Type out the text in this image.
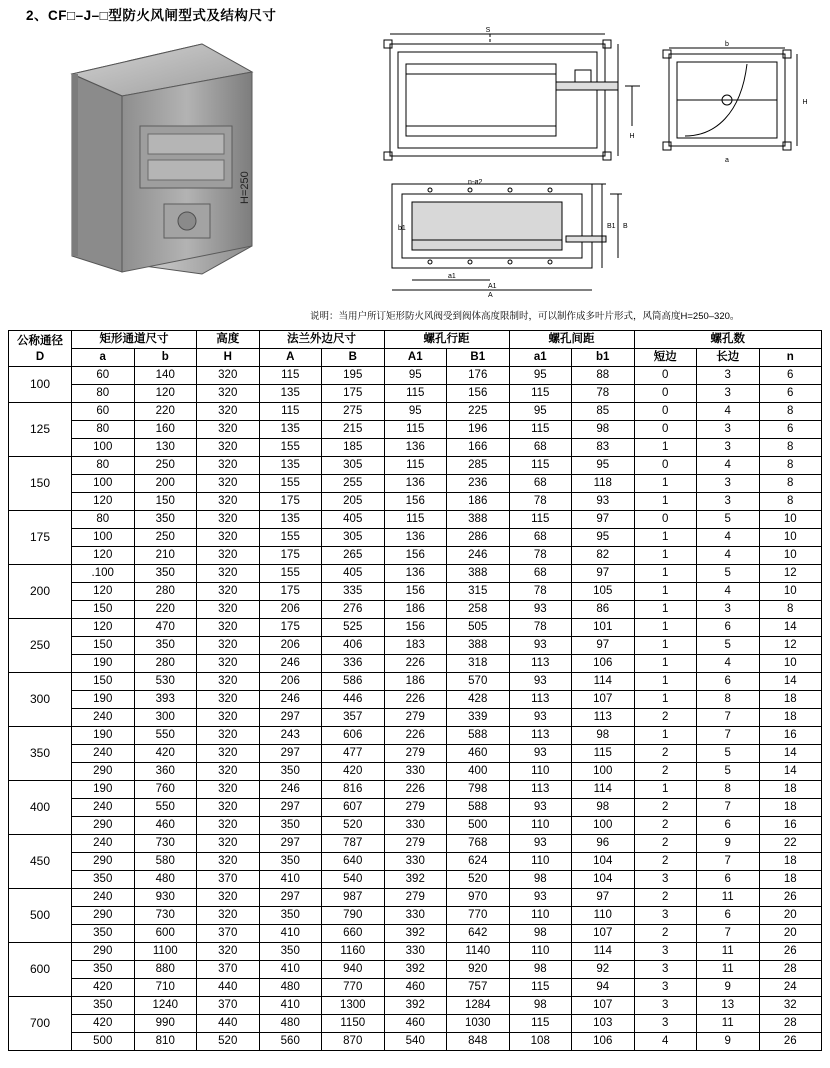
2、CF□–J–□型防火风闸型式及结构尺寸
H=250
S
H
b
H
a
n-ø2
b1	B1 B
a1
A1
A
说明：当用户所订矩形防火风阀受到阀体高度限制时，可以制作成多叶片形式，风筒高度H=250–320。
公称通径
D	矩形通道尺寸		高度	法兰外边尺寸		螺孔行距		螺孔间距		螺孔数		
	a	b	H	A	B	A1	B1	a1	b1	短边	长边	n
100	60	140	320	115	195	95	176	95	88	0	3	6
	80	120	320	135	175	115	156	115	78	0	3	6
125	60	220	320	115	275	95	225	95	85	0	4	8
	80	160	320	135	215	115	196	115	98	0	3	6
	100	130	320	155	185	136	166	68	83	1	3	8
150	80	250	320	135	305	115	285	115	95	0	4	8
	100	200	320	155	255	136	236	68	118	1	3	8
	120	150	320	175	205	156	186	78	93	1	3	8
175	80	350	320	135	405	115	388	115	97	0	5	10
	100	250	320	155	305	136	286	68	95	1	4	10
	120	210	320	175	265	156	246	78	82	1	4	10
200	.100	350	320	155	405	136	388	68	97	1	5	12
	120	280	320	175	335	156	315	78	105	1	4	10
	150	220	320	206	276	186	258	93	86	1	3	8
250	120	470	320	175	525	156	505	78	101	1	6	14
	150	350	320	206	406	183	388	93	97	1	5	12
	190	280	320	246	336	226	318	113	106	1	4	10
300	150	530	320	206	586	186	570	93	114	1	6	14
	190	393	320	246	446	226	428	113	107	1	8	18
	240	300	320	297	357	279	339	93	113	2	7	18
350	190	550	320	243	606	226	588	113	98	1	7	16
	240	420	320	297	477	279	460	93	115	2	5	14
	290	360	320	350	420	330	400	110	100	2	5	14
400	190	760	320	246	816	226	798	113	114	1	8	18
	240	550	320	297	607	279	588	93	98	2	7	18
	290	460	320	350	520	330	500	110	100	2	6	16
450	240	730	320	297	787	279	768	93	96	2	9	22
	290	580	320	350	640	330	624	110	104	2	7	18
	350	480	370	410	540	392	520	98	104	3	6	18
500	240	930	320	297	987	279	970	93	97	2	11	26
	290	730	320	350	790	330	770	110	110	3	6	20
	350	600	370	410	660	392	642	98	107	2	7	20
600	290	1100	320	350	1160	330	1140	110	114	3	11	26
	350	880	370	410	940	392	920	98	92	3	11	28
	420	710	440	480	770	460	757	115	94	3	9	24
700	350	1240	370	410	1300	392	1284	98	107	3	13	32
	420	990	440	480	1150	460	1030	115	103	3	11	28
	500	810	520	560	870	540	848	108	106	4	9	26
